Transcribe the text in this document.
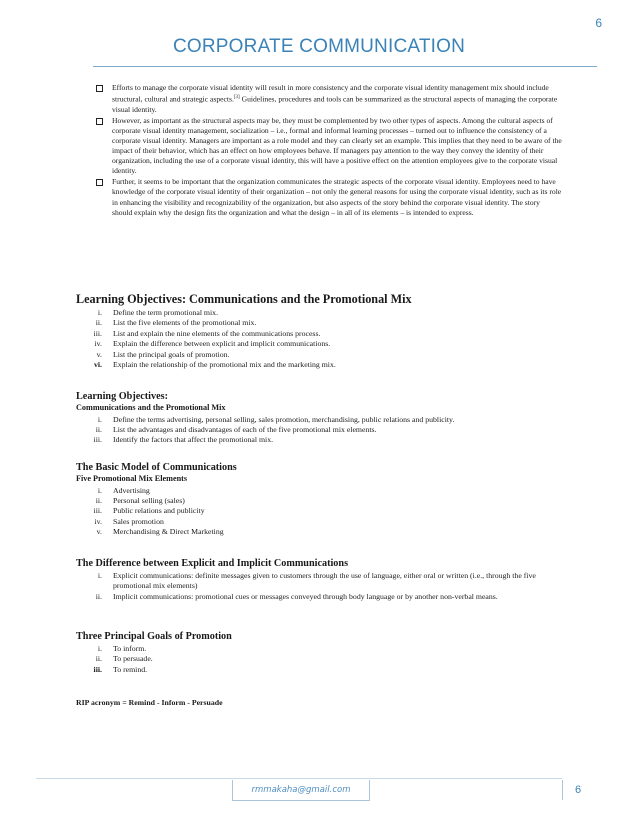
6
CORPORATE COMMUNICATION
Efforts to manage the corporate visual identity will result in more consistency and the corporate visual identity management mix should include structural, cultural and strategic aspects.[3] Guidelines, procedures and tools can be summarized as the structural aspects of managing the corporate visual identity.
However, as important as the structural aspects may be, they must be complemented by two other types of aspects. Among the cultural aspects of corporate visual identity management, socialization – i.e., formal and informal learning processes – turned out to influence the consistency of a corporate visual identity. Managers are important as a role model and they can clearly set an example. This implies that they need to be aware of the impact of their behavior, which has an effect on how employees behave. If managers pay attention to the way they convey the identity of their organization, including the use of a corporate visual identity, this will have a positive effect on the attention employees give to the corporate visual identity.
Further, it seems to be important that the organization communicates the strategic aspects of the corporate visual identity. Employees need to have knowledge of the corporate visual identity of their organization – not only the general reasons for using the corporate visual identity, such as its role in enhancing the visibility and recognizability of the organization, but also aspects of the story behind the corporate visual identity. The story should explain why the design fits the organization and what the design – in all of its elements – is intended to express.

Learning Objectives: Communications and the Promotional Mix

i.	Define the term promotional mix.
ii.	List the five elements of the promotional mix.
iii.	List and explain the nine elements of the communications process.
iv.	Explain the difference between explicit and implicit communications.
v.	List the principal goals of promotion.
vi.	Explain the relationship of the promotional mix and the marketing mix.

Learning Objectives:

Communications and the Promotional Mix

i.	Define the terms advertising, personal selling, sales promotion, merchandising, public relations and publicity.
ii.	List the advantages and disadvantages of each of the five promotional mix elements.
iii.	Identify the factors that affect the promotional mix.

The Basic Model of Communications

Five Promotional Mix Elements

i.	Advertising
ii.	Personal selling (sales)
iii.	Public relations and publicity
iv.	Sales promotion
v.	Merchandising & Direct Marketing

The Difference between Explicit and Implicit Communications

i.	Explicit communications: definite messages given to customers through the use of language, either oral or written (i.e., through the five promotional mix elements)
ii.	Implicit communications: promotional cues or messages conveyed through body language or by another non-verbal means.

Three Principal Goals of Promotion

i.	To inform.
ii.	To persuade.
iii.	To remind.
RIP acronym = Remind - Inform - Persuade
rmmakaha@gmail.com	6
